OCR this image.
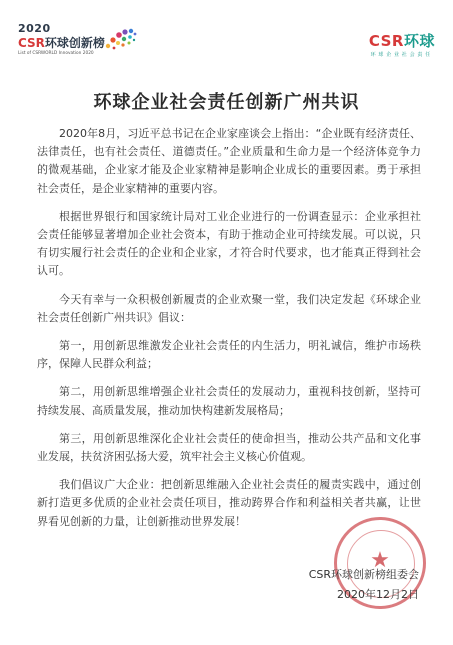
2020
CSR环球创新榜
List of CSRWORLD Innovation 2020
CSR环球
环球企业社会责任
环球企业社会责任创新广州共识

2020年8月，习近平总书记在企业家座谈会上指出：“企业既有经济责任、法律责任，也有社会责任、道德责任。”企业质量和生命力是一个经济体竞争力的微观基础，企业家才能及企业家精神是影响企业成长的重要因素。勇于承担社会责任，是企业家精神的重要内容。

根据世界银行和国家统计局对工业企业进行的一份调查显示：企业承担社会责任能够显著增加企业社会资本，有助于推动企业可持续发展。可以说，只有切实履行社会责任的企业和企业家，才符合时代要求，也才能真正得到社会认可。

今天有幸与一众积极创新履责的企业欢聚一堂，我们决定发起《环球企业社会责任创新广州共识》倡议：

第一，用创新思维激发企业社会责任的内生活力，明礼诚信，维护市场秩序，保障人民群众利益；

第二，用创新思维增强企业社会责任的发展动力，重视科技创新，坚持可持续发展、高质量发展，推动加快构建新发展格局；

第三，用创新思维深化企业社会责任的使命担当，推动公共产品和文化事业发展，扶贫济困弘扬大爱，筑牢社会主义核心价值观。

我们倡议广大企业：把创新思维融入企业社会责任的履责实践中，通过创新打造更多优质的企业社会责任项目，推动跨界合作和利益相关者共赢，让世界看见创新的力量，让创新推动世界发展！

★
CSR环球创新榜组委会
2020年12月2日
